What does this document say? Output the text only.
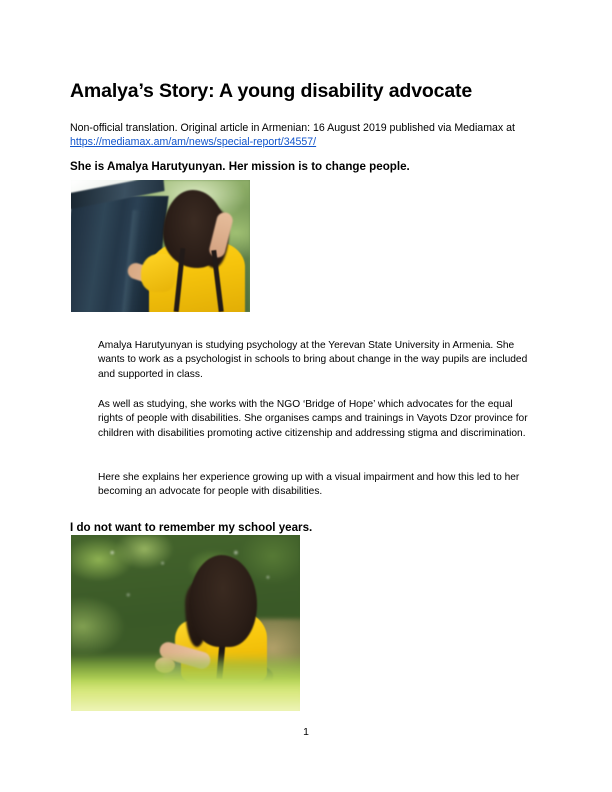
Amalya’s Story: A young disability advocate

Non-official translation. Original article in Armenian: 16 August 2019 published via Mediamax at https://mediamax.am/am/news/special-report/34557/

She is Amalya Harutyunyan. Her mission is to change people.

Amalya Harutyunyan is studying psychology at the Yerevan State University in Armenia. She wants to work as a psychologist in schools to bring about change in the way pupils are included and supported in class.

As well as studying, she works with the NGO ‘Bridge of Hope’ which advocates for the equal rights of people with disabilities. She organises camps and trainings in Vayots Dzor province for children with disabilities promoting active citizenship and addressing stigma and discrimination.

Here she explains her experience growing up with a visual impairment and how this led to her becoming an advocate for people with disabilities.

I do not want to remember my school years.
1
